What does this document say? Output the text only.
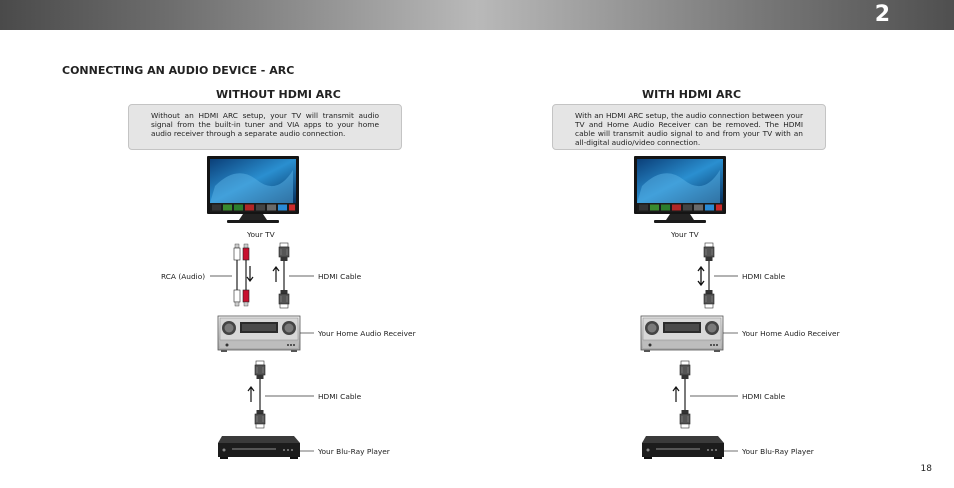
2
CONNECTING AN AUDIO DEVICE - ARC
WITHOUT HDMI ARC	WITH HDMI ARC
Without an HDMI ARC setup, your TV will transmit audio signal from the built-in tuner and VIA apps to your home audio receiver through a separate audio connection.
With an HDMI ARC setup, the audio connection between your TV and Home Audio Receiver can be removed. The HDMI cable will transmit audio signal to and from your TV with an all-digital audio/video connection.
Your TV
RCA (Audio)	HDMI Cable
Your Home Audio Receiver
HDMI Cable
Your Blu-Ray Player
Your TV
HDMI Cable
Your Home Audio Receiver
HDMI Cable
Your Blu-Ray Player
18
